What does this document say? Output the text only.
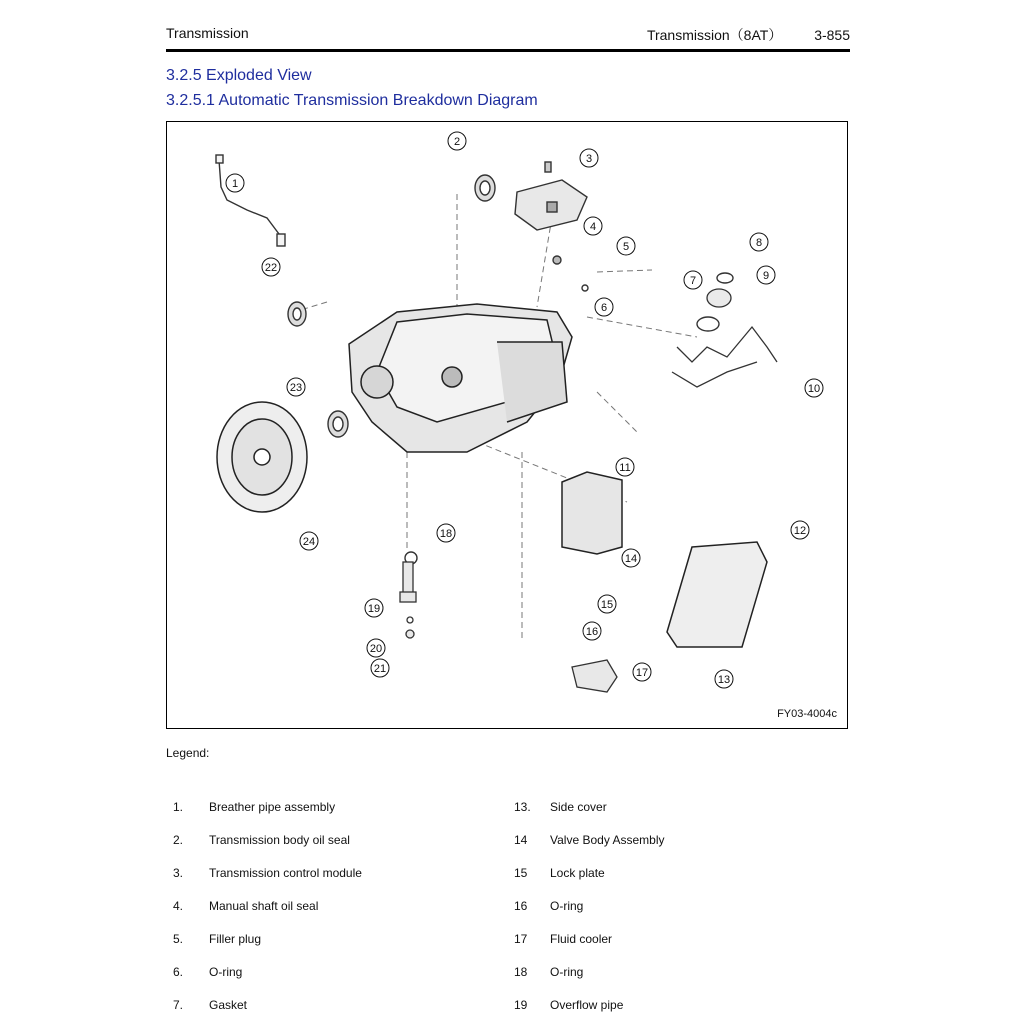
Transmission	Transmission（8AT） 3-855
3.2.5 Exploded View
3.2.5.1 Automatic Transmission Breakdown Diagram
1
2
3
4
5
6
7
8
9
10
11
12
13
14
15
16
17
18
19
20
21
22
23
24
FY03-4004c
Legend:
1. Breather pipe assembly
2. Transmission body oil seal
3. Transmission control module
4. Manual shaft oil seal
5. Filler plug
6. O-ring
7. Gasket
13. Side cover
14 Valve Body Assembly
15 Lock plate
16 O-ring
17 Fluid cooler
18 O-ring
19 Overflow pipe
